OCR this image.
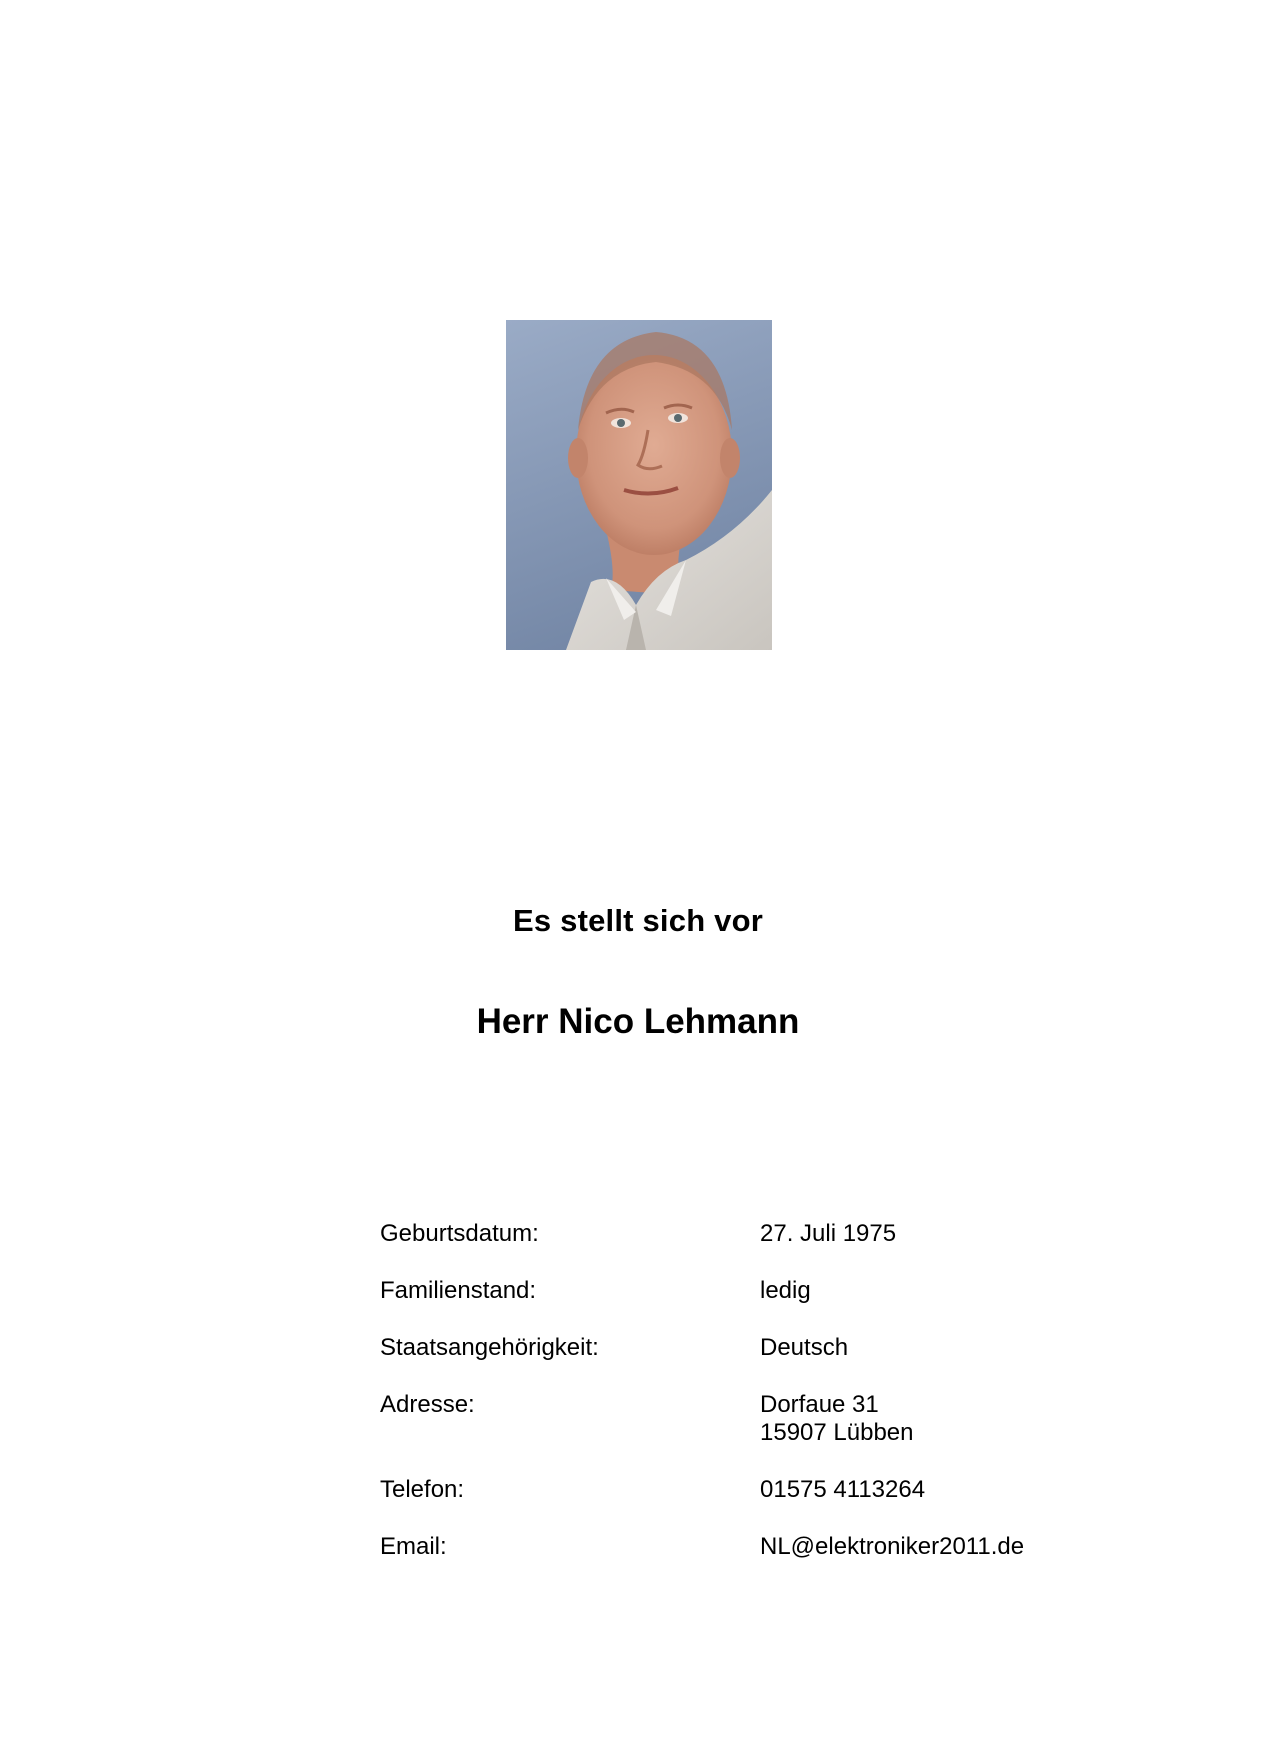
Es stellt sich vor
Herr Nico Lehmann
Geburtsdatum:	27. Juli 1975
Familienstand:	ledig
Staatsangehörigkeit:	Deutsch
Adresse:	Dorfaue 31
15907 Lübben
Telefon:	01575 4113264
Email:	NL@elektroniker2011.de
